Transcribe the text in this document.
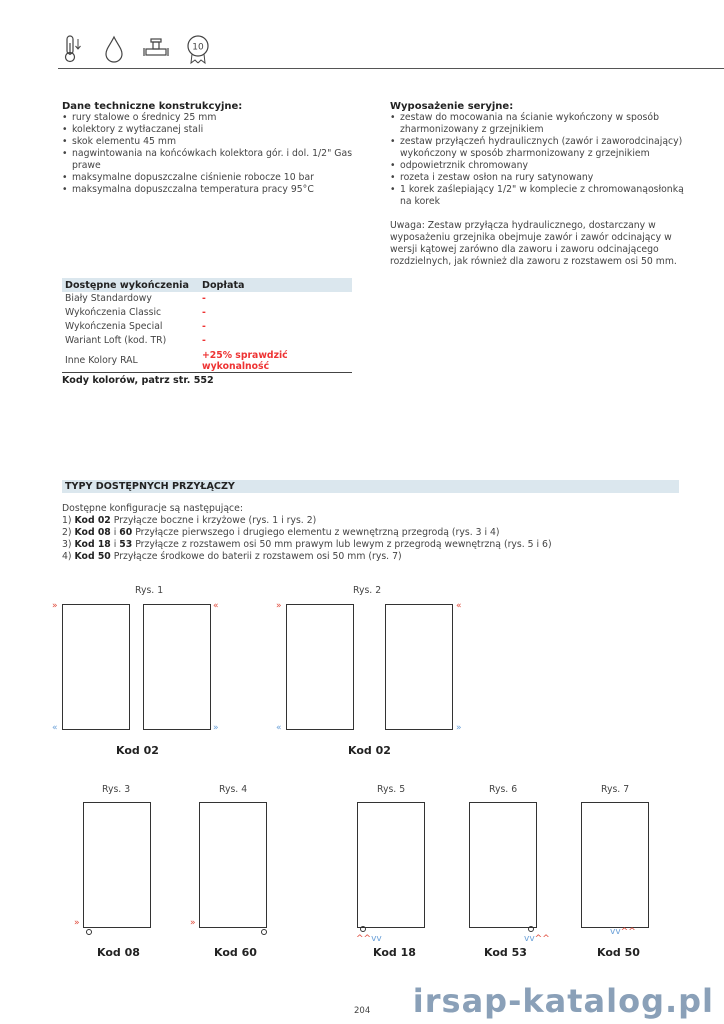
10
Dane techniczne konstrukcyjne:
• rury stalowe o średnicy 25 mm
• kolektory z wytłaczanej stali
• skok elementu 45 mm
• nagwintowania na końcówkach kolektora gór. i dol. 1/2" Gas prawe
• maksymalne dopuszczalne ciśnienie robocze 10 bar
• maksymalna dopuszczalna temperatura pracy 95°C
Wyposażenie seryjne:
• zestaw do mocowania na ścianie wykończony w sposób zharmonizowany z grzejnikiem
• zestaw przyłączeń hydraulicznych (zawór i zaworodcinający) wykończony w sposób zharmonizowany z grzejnikiem
• odpowietrznik chromowany
• rozeta i zestaw osłon na rury satynowany
• 1 korek zaślepiający 1/2" w komplecie z chromowanąosłonką na korek
Uwaga: Zestaw przyłącza hydraulicznego, dostarczany w wyposażeniu grzejnika obejmuje zawór i zawór odcinający w wersji kątowej zarówno dla zaworu i zaworu odcinającego rozdzielnych, jak również dla zaworu z rozstawem osi 50 mm.
Dostępne wykończenia	Dopłata
Biały Standardowy	-
Wykończenia Classic	-
Wykończenia Special	-
Wariant Loft (kod. TR)	-
Inne Kolory RAL	+25% sprawdzić wykonalność
Kody kolorów, patrz str. 552
TYPY DOSTĘPNYCH PRZYŁĄCZY
Dostępne konfiguracje są następujące:
1) Kod 02 Przyłącze boczne i krzyżowe (rys. 1 i rys. 2)
2) Kod 08 i 60 Przyłącze pierwszego i drugiego elementu z wewnętrzną przegrodą (rys. 3 i 4)
3) Kod 18 i 53 Przyłącze z rozstawem osi 50 mm prawym lub lewym z przegrodą wewnętrzną (rys. 5 i 6)
4) Kod 50 Przyłącze środkowe do baterii z rozstawem osi 50 mm (rys. 7)
Rys. 1	Rys. 2
»	«
«	»
Kod 02
»	«
«	»
Kod 02
Rys. 3	Rys. 4	Rys. 5	Rys. 6	Rys. 7
»
Kod 08
»
Kod 60
^^vv
Kod 18
vv^^
Kod 53
vv^^
Kod 50
irsap-katalog.pl
204
